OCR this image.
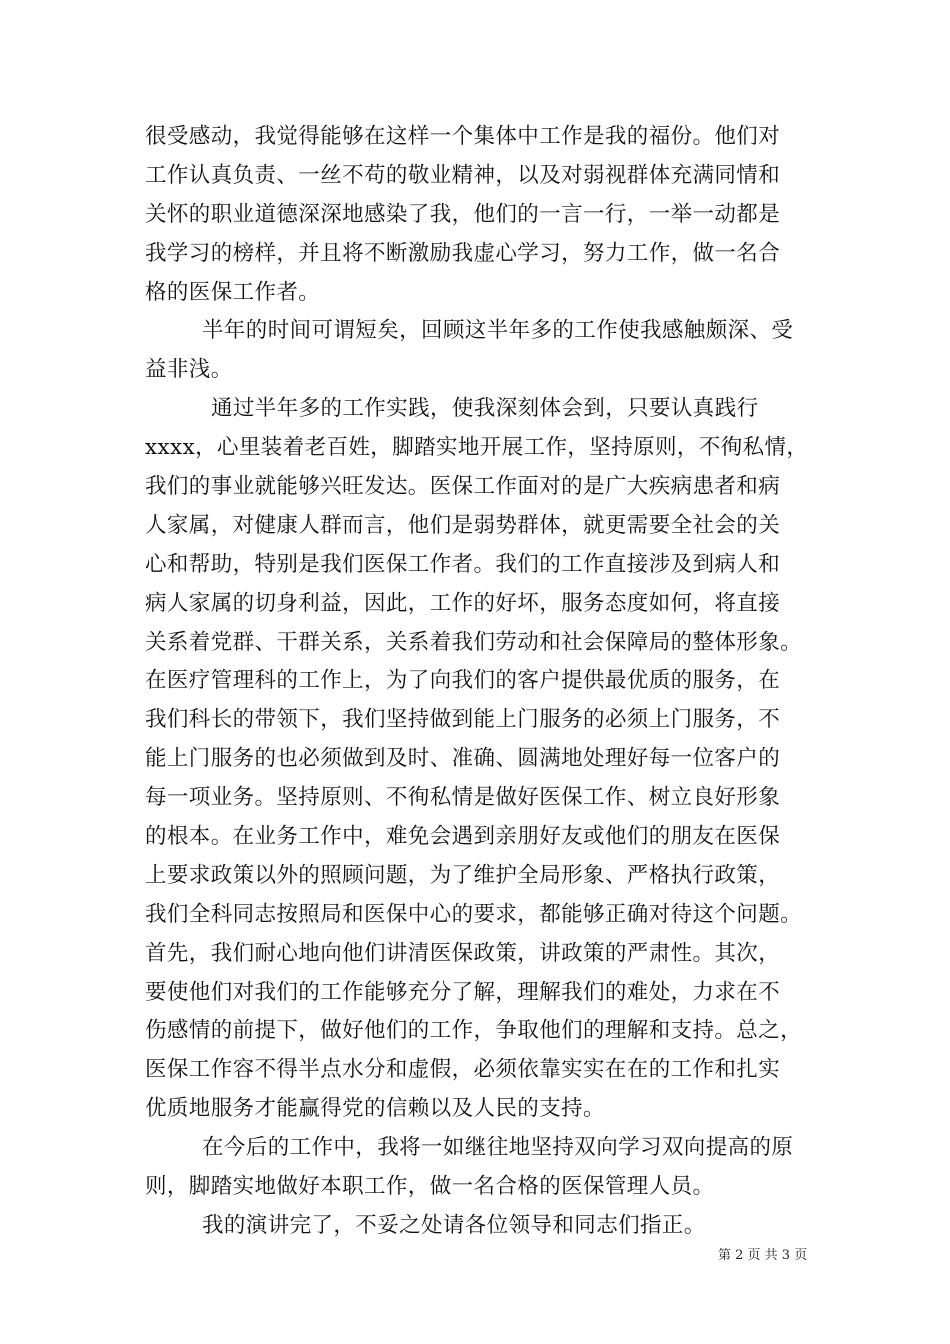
很受感动，我觉得能够在这样一个集体中工作是我的福份。他们对
工作认真负责、一丝不苟的敬业精神，以及对弱视群体充满同情和
关怀的职业道德深深地感染了我，他们的一言一行，一举一动都是
我学习的榜样，并且将不断激励我虚心学习，努力工作，做一名合
格的医保工作者。
半年的时间可谓短矣，回顾这半年多的工作使我感触颇深、受
益非浅。
通过半年多的工作实践，使我深刻体会到，只要认真践行
xxxx，心里装着老百姓，脚踏实地开展工作，坚持原则，不徇私情，
我们的事业就能够兴旺发达。医保工作面对的是广大疾病患者和病
人家属，对健康人群而言，他们是弱势群体，就更需要全社会的关
心和帮助，特别是我们医保工作者。我们的工作直接涉及到病人和
病人家属的切身利益，因此，工作的好坏，服务态度如何，将直接
关系着党群、干群关系，关系着我们劳动和社会保障局的整体形象。
在医疗管理科的工作上，为了向我们的客户提供最优质的服务，在
我们科长的带领下，我们坚持做到能上门服务的必须上门服务，不
能上门服务的也必须做到及时、准确、圆满地处理好每一位客户的
每一项业务。坚持原则、不徇私情是做好医保工作、树立良好形象
的根本。在业务工作中，难免会遇到亲朋好友或他们的朋友在医保
上要求政策以外的照顾问题，为了维护全局形象、严格执行政策，
我们全科同志按照局和医保中心的要求，都能够正确对待这个问题。
首先，我们耐心地向他们讲清医保政策，讲政策的严肃性。其次，
要使他们对我们的工作能够充分了解，理解我们的难处，力求在不
伤感情的前提下，做好他们的工作，争取他们的理解和支持。总之，
医保工作容不得半点水分和虚假，必须依靠实实在在的工作和扎实
优质地服务才能赢得党的信赖以及人民的支持。
在今后的工作中，我将一如继往地坚持双向学习双向提高的原
则，脚踏实地做好本职工作，做一名合格的医保管理人员。
我的演讲完了，不妥之处请各位领导和同志们指正。
第 2 页 共 3 页
